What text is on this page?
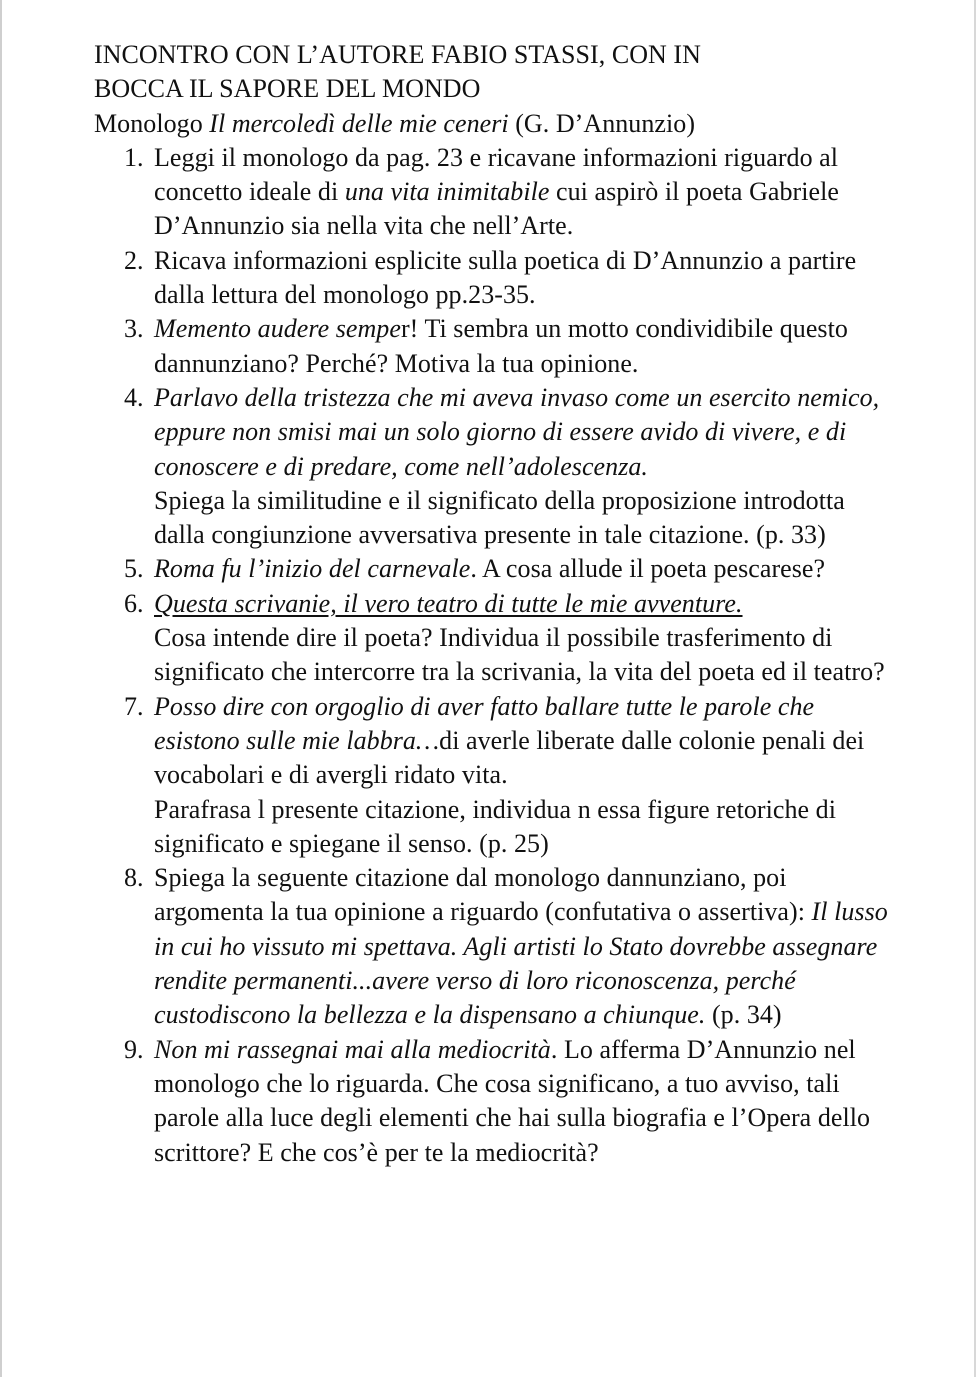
INCONTRO CON L’AUTORE FABIO STASSI, CON IN
BOCCA IL SAPORE DEL MONDO

Monologo Il mercoledì delle mie ceneri (G. D’Annunzio)

1. Leggi il monologo da pag. 23 e ricavane informazioni riguardo al concetto ideale di una vita inimitabile cui aspirò il poeta Gabriele D’Annunzio sia nella vita che nell’Arte.
2. Ricava informazioni esplicite sulla poetica di D’Annunzio a partire dalla lettura del monologo pp.23-35.
3. Memento audere semper! Ti sembra un motto condividibile questo dannunziano? Perché? Motiva la tua opinione.
4. Parlavo della tristezza che mi aveva invaso come un esercito nemico, eppure non smisi mai un solo giorno di essere avido di vivere, e di conoscere e di predare, come nell’adolescenza.
Spiega la similitudine e il significato della proposizione introdotta dalla congiunzione avversativa presente in tale citazione. (p. 33)
5. Roma fu l’inizio del carnevale. A cosa allude il poeta pescarese?
6. Questa scrivanie, il vero teatro di tutte le mie avventure.
Cosa intende dire il poeta? Individua il possibile trasferimento di significato che intercorre tra la scrivania, la vita del poeta ed il teatro?
7. Posso dire con orgoglio di aver fatto ballare tutte le parole che esistono sulle mie labbra…di averle liberate dalle colonie penali dei vocabolari e di avergli ridato vita.
Parafrasa l presente citazione, individua n essa figure retoriche di significato e spiegane il senso. (p. 25)
8. Spiega la seguente citazione dal monologo dannunziano, poi argomenta la tua opinione a riguardo (confutativa o assertiva): Il lusso in cui ho vissuto mi spettava. Agli artisti lo Stato dovrebbe assegnare rendite permanenti...avere verso di loro riconoscenza, perché custodiscono la bellezza e la dispensano a chiunque. (p. 34)
9. Non mi rassegnai mai alla mediocrità. Lo afferma D’Annunzio nel monologo che lo riguarda. Che cosa significano, a tuo avviso, tali parole alla luce degli elementi che hai sulla biografia e l’Opera dello scrittore? E che cos’è per te la mediocrità?
